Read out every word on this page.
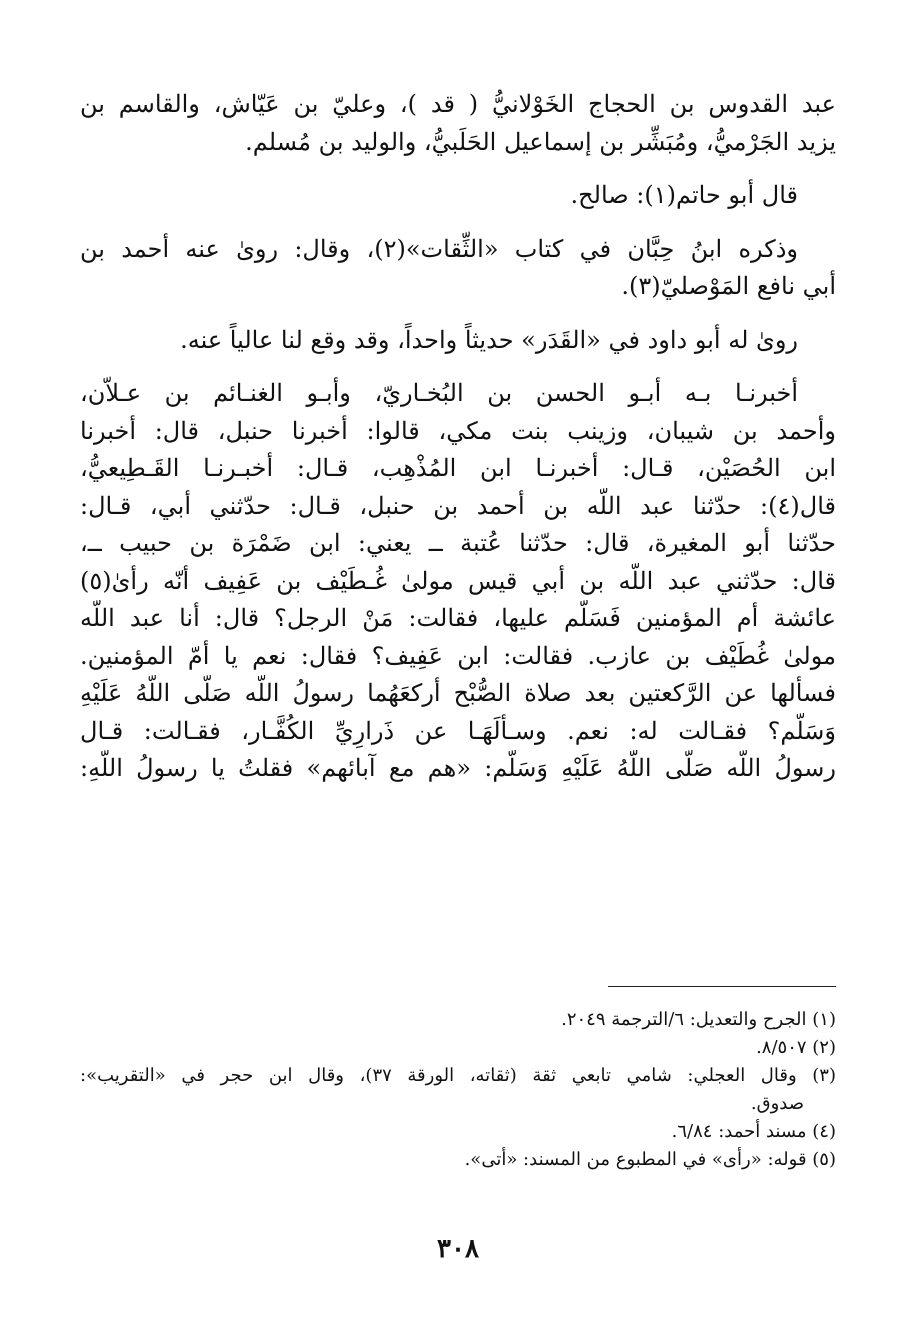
عبد القدوس بن الحجاج الخَوْلانيُّ ( قد )، وعليّ بن عَيّاش، والقاسم بن
يزيد الجَرْميُّ، ومُبَشِّر بن إسماعيل الحَلَبيُّ، والوليد بن مُسلم.
قال أبو حاتم(١): صالح.
وذكره ابنُ حِبَّان في كتاب «الثِّقات»(٢)، وقال: روىٰ عنه أحمد بن
أبي نافع المَوْصليّ(٣).
روىٰ له أبو داود في «القَدَر» حديثاً واحداً، وقد وقع لنا عالياً عنه.
أخبرنـا بـه أبـو الحسن بن البُخـاريّ، وأبـو الغنـائم بن عـلاّن،
وأحمد بن شيبان، وزينب بنت مكي، قالوا: أخبرنا حنبل، قال: أخبرنا
ابن الحُصَيْن، قـال: أخبرنـا ابن المُذْهِب، قـال: أخبـرنـا القَـطِيعيُّ،
قال(٤): حدّثنا عبد اللّه بن أحمد بن حنبل، قـال: حدّثني أبي، قـال:
حدّثنا أبو المغيرة، قال: حدّثنا عُتبة ــ يعني: ابن ضَمْرَة بن حبيب ــ،
قال: حدّثني عبد اللّه بن أبي قيس مولىٰ غُـطَيْف بن عَفِيف أنّه رأىٰ(٥)
عائشة أم المؤمنين فَسَلَّم عليها، فقالت: مَنْ الرجل؟ قال: أنا عبد اللّه
مولىٰ غُطَيْف بن عازب. فقالت: ابن عَفِيف؟ فقال: نعم يا أمّ المؤمنين.
فسألها عن الرَّكعتين بعد صلاة الصُّبْح أركعَهُما رسولُ اللّه صَلَّى اللَّهُ عَلَيْهِ
وَسَلَّم؟ فقـالت له: نعم. وسـألَهَـا عن ذَرارِيِّ الكُفَّـار، فقـالت: قـال
رسولُ اللّه صَلَّى اللَّهُ عَلَيْهِ وَسَلَّم: «هم مع آبائهم» فقلتُ يا رسولُ اللّهِ:
(١) الجرح والتعديل: ٦/الترجمة ٢٠٤٩.
(٢) ٨/٥٠٧.
(٣) وقال العجلي: شامي تابعي ثقة (ثقاته، الورقة ٣٧)، وقال ابن حجر في «التقريب»:
صدوق.
(٤) مسند أحمد: ٦/٨٤.
(٥) قوله: «رأى» في المطبوع من المسند: «أتى».
٣٠٨
